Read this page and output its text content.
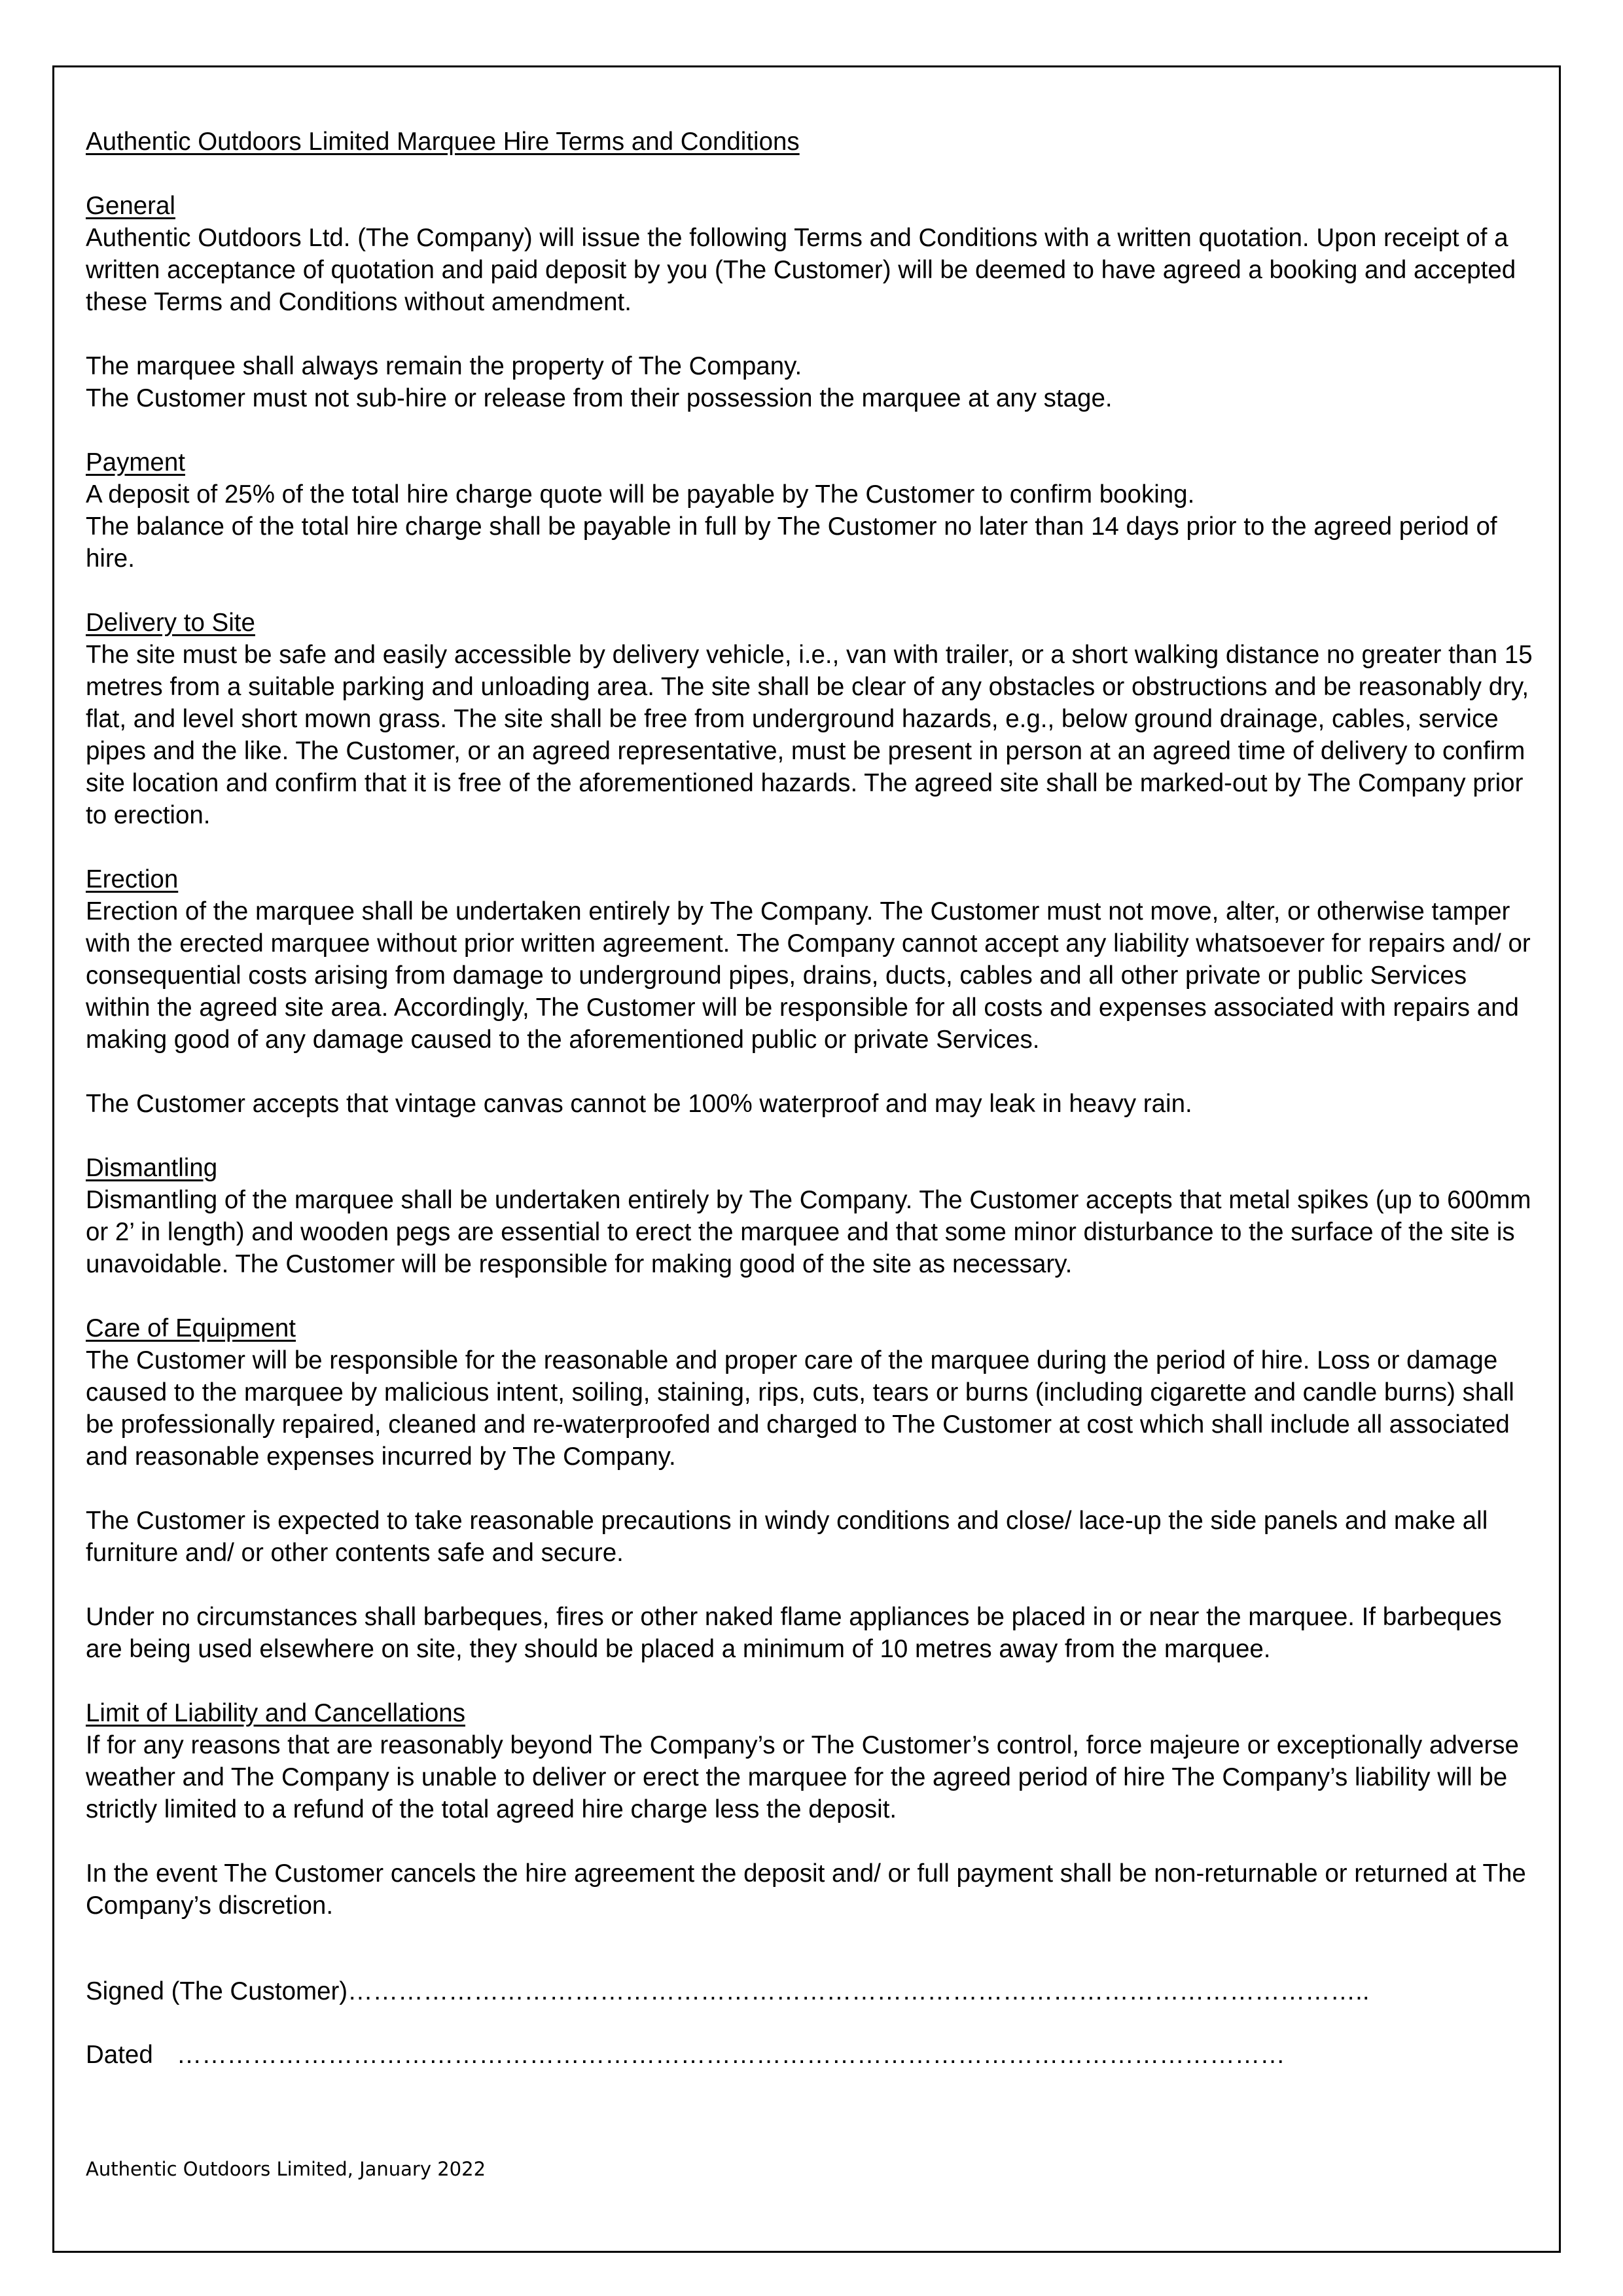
Authentic Outdoors Limited Marquee Hire Terms and Conditions

General

Authentic Outdoors Ltd. (The Company) will issue the following Terms and Conditions with a written quotation. Upon receipt of a written acceptance of quotation and paid deposit by you (The Customer) will be deemed to have agreed a booking and accepted these Terms and Conditions without amendment.

The marquee shall always remain the property of The Company.

The Customer must not sub-hire or release from their possession the marquee at any stage.

Payment

A deposit of 25% of the total hire charge quote will be payable by The Customer to confirm booking.

The balance of the total hire charge shall be payable in full by The Customer no later than 14 days prior to the agreed period of hire.

Delivery to Site

The site must be safe and easily accessible by delivery vehicle, i.e., van with trailer, or a short walking distance no greater than 15 metres from a suitable parking and unloading area. The site shall be clear of any obstacles or obstructions and be reasonably dry, flat, and level short mown grass. The site shall be free from underground hazards, e.g., below ground drainage, cables, service pipes and the like. The Customer, or an agreed representative, must be present in person at an agreed time of delivery to confirm site location and confirm that it is free of the aforementioned hazards. The agreed site shall be marked-out by The Company prior to erection.

Erection

Erection of the marquee shall be undertaken entirely by The Company. The Customer must not move, alter, or otherwise tamper with the erected marquee without prior written agreement. The Company cannot accept any liability whatsoever for repairs and/ or consequential costs arising from damage to underground pipes, drains, ducts, cables and all other private or public Services within the agreed site area. Accordingly, The Customer will be responsible for all costs and expenses associated with repairs and making good of any damage caused to the aforementioned public or private Services.

The Customer accepts that vintage canvas cannot be 100% waterproof and may leak in heavy rain.

Dismantling

Dismantling of the marquee shall be undertaken entirely by The Company. The Customer accepts that metal spikes (up to 600mm or 2’ in length) and wooden pegs are essential to erect the marquee and that some minor disturbance to the surface of the site is unavoidable. The Customer will be responsible for making good of the site as necessary.

Care of Equipment

The Customer will be responsible for the reasonable and proper care of the marquee during the period of hire. Loss or damage caused to the marquee by malicious intent, soiling, staining, rips, cuts, tears or burns (including cigarette and candle burns) shall be professionally repaired, cleaned and re-waterproofed and charged to The Customer at cost which shall include all associated and reasonable expenses incurred by The Company.

The Customer is expected to take reasonable precautions in windy conditions and close/ lace-up the side panels and make all furniture and/ or other contents safe and secure.

Under no circumstances shall barbeques, fires or other naked flame appliances be placed in or near the marquee. If barbeques are being used elsewhere on site, they should be placed a minimum of 10 metres away from the marquee.

Limit of Liability and Cancellations

If for any reasons that are reasonably beyond The Company’s or The Customer’s control, force majeure or exceptionally adverse weather and The Company is unable to deliver or erect the marquee for the agreed period of hire The Company’s liability will be strictly limited to a refund of the total agreed hire charge less the deposit.

In the event The Customer cancels the hire agreement the deposit and/ or full payment shall be non-returnable or returned at The Company’s discretion.

Signed (The Customer)…………………………………………………………………………………………………………..

Dated ……………………………………………………………………………………………………………………

Authentic Outdoors Limited, January 2022
